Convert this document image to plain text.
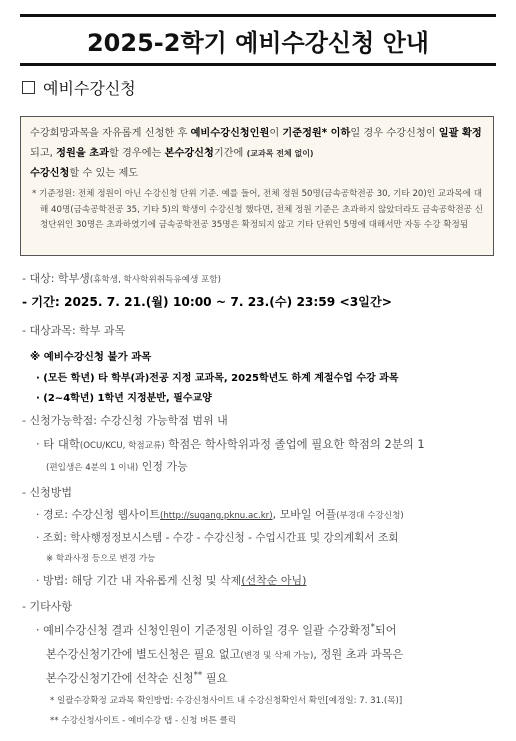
2025-2학기 예비수강신청 안내
예비수강신청
수강희망과목을 자유롭게 신청한 후 예비수강신청인원이 기준정원* 이하일 경우 수강신청이 일괄 확정되고, 정원을 초과할 경우에는 본수강신청기간에 (교과목 전체 없이)
수강신청할 수 있는 제도
* 기준정원: 전체 정원이 아닌 수강신청 단위 기준. 예를 들어, 전체 정원 50명(금속공학전공 30, 기타 20)인 교과목에 대해 40명(금속공학전공 35, 기타 5)의 학생이 수강신청 했다면, 전체 정원 기준은 초과하지 않았더라도 금속공학전공 신청단위인 30명은 초과하였기에 금속공학전공 35명은 확정되지 않고 기타 단위인 5명에 대해서만 자동 수강 확정됨
- 대상: 학부생(휴학생, 학사학위취득유예생 포함)
- 기간: 2025. 7. 21.(월) 10:00 ~ 7. 23.(수) 23:59 <3일간>
- 대상과목: 학부 과목
※ 예비수강신청 불가 과목
· (모든 학년) 타 학부(과)전공 지정 교과목, 2025학년도 하계 계절수업 수강 과목
· (2~4학년) 1학년 지정분반, 필수교양
- 신청가능학점: 수강신청 가능학점 범위 내
· 타 대학(OCU/KCU, 학점교류) 학점은 학사학위과정 졸업에 필요한 학점의 2분의 1
(편입생은 4분의 1 이내) 인정 가능
- 신청방법
· 경로: 수강신청 웹사이트(http://sugang.pknu.ac.kr), 모바일 어플(부경대 수강신청)
· 조회: 학사행정정보시스템 - 수강 - 수강신청 - 수업시간표 및 강의계획서 조회
※ 학과사정 등으로 변경 가능
· 방법: 해당 기간 내 자유롭게 신청 및 삭제(선착순 아님)
- 기타사항
· 예비수강신청 결과 신청인원이 기준정원 이하일 경우 일괄 수강확정*되어
본수강신청기간에 별도신청은 필요 없고(변경 및 삭제 가능), 정원 초과 과목은
본수강신청기간에 선착순 신청** 필요
* 일괄수강확정 교과목 확인방법: 수강신청사이트 내 수강신청확인서 확인[예정일: 7. 31.(목)]
** 수강신청사이트 - 예비수강 탭 - 신청 버튼 클릭
